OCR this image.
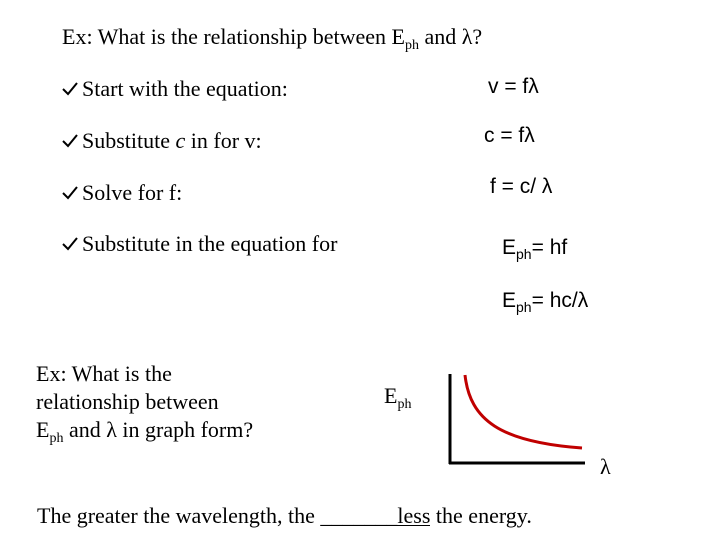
Ex: What is the relationship between $E_{ph}$ and λ?
Start with the equation:	v = fλ
Substitute c in for v:	c = fλ
Solve for f:	f = c/ λ
Substitute in the equation for	$E_{ph}=$ hf
$E_{ph}= hc/\lambda$
Ex: What is the
relationship between
$E_{ph}$ and λ in graph form?
$E_{ph}$
λ
The greater the wavelength, the _______less
the energy.
